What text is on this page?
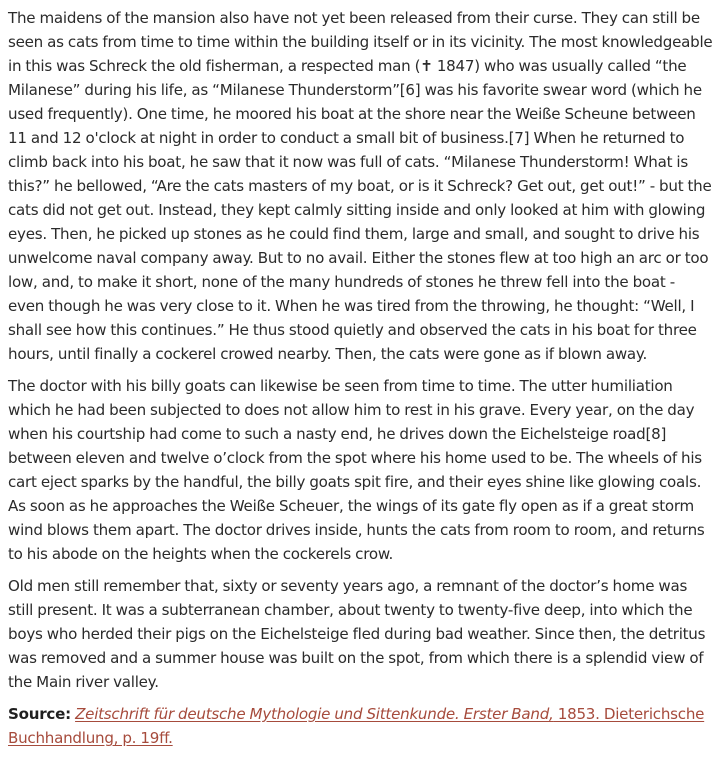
The maidens of the mansion also have not yet been released from their curse. They can still be seen as cats from time to time within the building itself or in its vicinity. The most knowledgeable in this was Schreck the old fisherman, a respected man (✝ 1847) who was usually called “the Milanese” during his life, as “Milanese Thunderstorm”[6] was his favorite swear word (which he used frequently). One time, he moored his boat at the shore near the Weiße Scheune between 11 and 12 o'clock at night in order to conduct a small bit of business.[7] When he returned to climb back into his boat, he saw that it now was full of cats. “Milanese Thunderstorm! What is this?” he bellowed, “Are the cats masters of my boat, or is it Schreck? Get out, get out!” - but the cats did not get out. Instead, they kept calmly sitting inside and only looked at him with glowing eyes. Then, he picked up stones as he could find them, large and small, and sought to drive his unwelcome naval company away. But to no avail. Either the stones flew at too high an arc or too low, and, to make it short, none of the many hundreds of stones he threw fell into the boat - even though he was very close to it. When he was tired from the throwing, he thought: “Well, I shall see how this continues.” He thus stood quietly and observed the cats in his boat for three hours, until finally a cockerel crowed nearby. Then, the cats were gone as if blown away.

The doctor with his billy goats can likewise be seen from time to time. The utter humiliation which he had been subjected to does not allow him to rest in his grave. Every year, on the day when his courtship had come to such a nasty end, he drives down the Eichelsteige road[8] between eleven and twelve o’clock from the spot where his home used to be. The wheels of his cart eject sparks by the handful, the billy goats spit fire, and their eyes shine like glowing coals. As soon as he approaches the Weiße Scheuer, the wings of its gate fly open as if a great storm wind blows them apart. The doctor drives inside, hunts the cats from room to room, and returns to his abode on the heights when the cockerels crow.

Old men still remember that, sixty or seventy years ago, a remnant of the doctor’s home was still present. It was a subterranean chamber, about twenty to twenty-five deep, into which the boys who herded their pigs on the Eichelsteige fled during bad weather. Since then, the detritus was removed and a summer house was built on the spot, from which there is a splendid view of the Main river valley.

Source: Zeitschrift für deutsche Mythologie und Sittenkunde. Erster Band, 1853. Dieterichsche Buchhandlung, p. 19ff.
